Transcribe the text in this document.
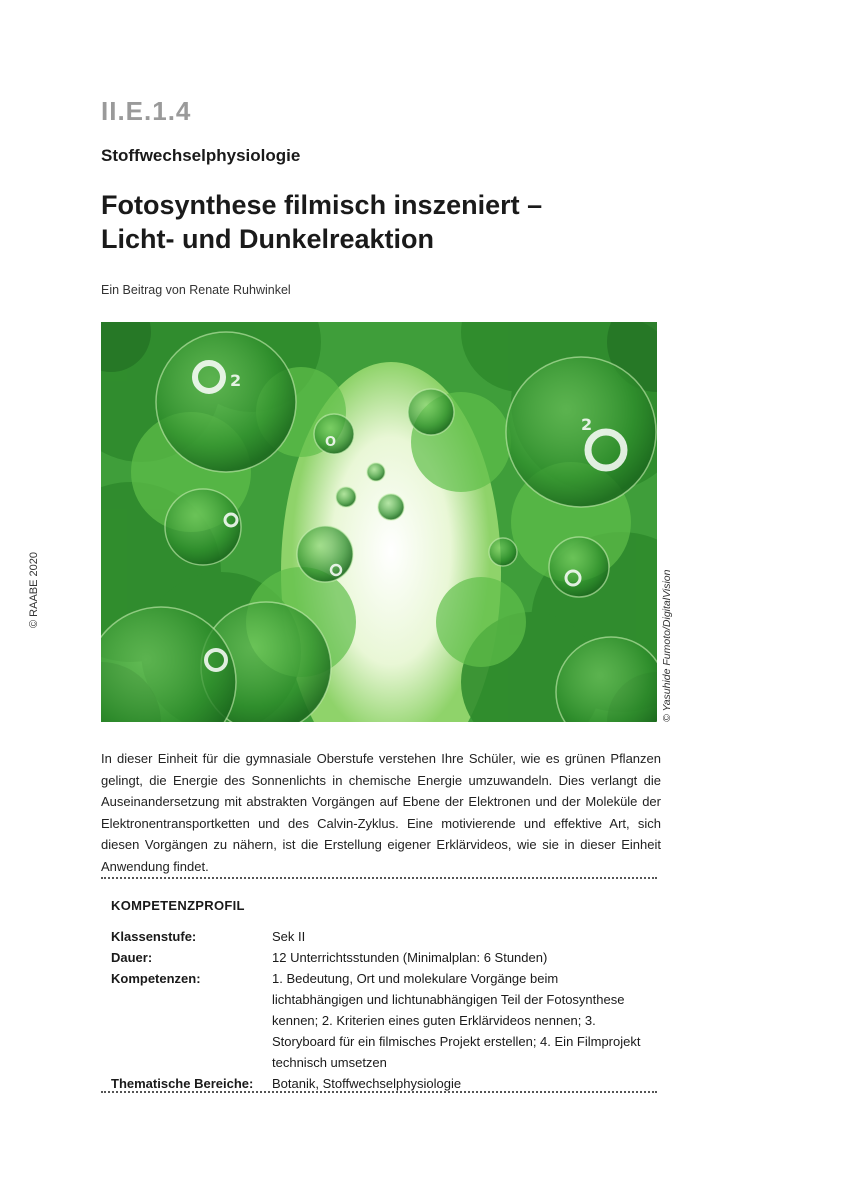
© RAABE 2020
II.E.1.4
Stoffwechselphysiologie
Fotosynthese filmisch inszeniert –
Licht- und Dunkelreaktion
Ein Beitrag von Renate Ruhwinkel
2
2
O
© Yasuhide Fumoto/DigitalVision
In dieser Einheit für die gymnasiale Oberstufe verstehen Ihre Schüler, wie es grünen Pflanzen gelingt, die Energie des Sonnenlichts in chemische Energie umzuwandeln. Dies verlangt die Auseinandersetzung mit abstrakten Vorgängen auf Ebene der Elektronen und der Moleküle der Elektronentransportketten und des Calvin-Zyklus. Eine motivierende und effektive Art, sich diesen Vorgängen zu nähern, ist die Erstellung eigener Erklärvideos, wie sie in dieser Einheit Anwendung findet.
KOMPETENZPROFIL
Klassenstufe:	Sek II
Dauer:	12 Unterrichtsstunden (Minimalplan: 6 Stunden)
Kompetenzen:	1. Bedeutung, Ort und molekulare Vorgänge beim lichtabhängigen und lichtunabhängigen Teil der Fotosynthese kennen; 2. Kriterien eines guten Erklärvideos nennen; 3. Storyboard für ein filmisches Projekt erstellen; 4. Ein Filmprojekt technisch umsetzen
Thematische Bereiche:	Botanik, Stoffwechselphysiologie
